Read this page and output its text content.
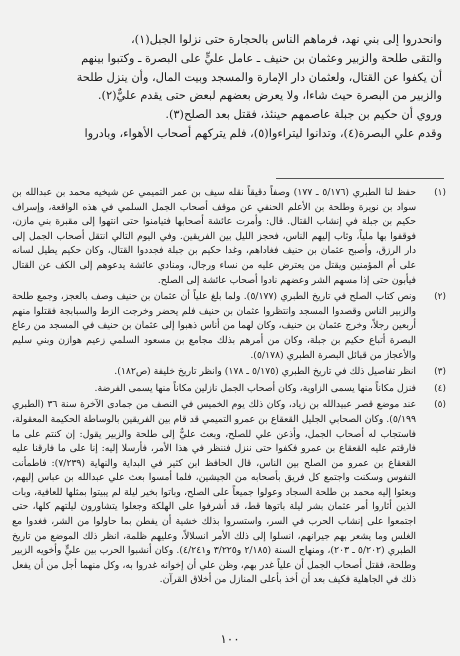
وانحدروا إلى بني نهد، فرماهم الناس بالحجارة حتى نزلوا الجبل(١)،

والتقى طلحة والزبير وعثمان بن حنيف ـ عامل عليٍّ على البصرة ـ وكتبوا بينهم

أن يكفوا عن القتال، ولعثمان دار الإمارة والمسجد وبيت المال، وأن ينزل طلحة

والزبير من البصرة حيث شاءا، ولا يعرض بعضهم لبعض حتى يقدم عليٌّ(٢).

وروي أن حكيم بن جبلة عاصمهم حينئذ، فقتل بعد الصلح(٣).

وقدم علي البصرة(٤)، وتدانوا ليتراءوا(٥)، فلم يتركهم أصحاب الأهواء، وبادروا

(١)
حفظ لنا الطبري (٥/١٧٦ ـ ١٧٧) وصفاً دقيقاً نقله سيف بن عمر التميمي عن شيخيه محمد بن عبدالله بن سواد بن نويرة وطلحة بن الأعلم الحنفي عن موقف أصحاب الجمل السلمي في هذه الواقعة، وإسراف حكيم بن جبلة في إنشاب القتال. قال: وأمرت عائشة أصحابها فتيامنوا حتى انتهوا إلى مقبرة بني مازن، فوقفوا بها ملياً، وثاب إليهم الناس، فحجز الليل بين الفريقين. وفي اليوم التالي انتقل أصحاب الجمل إلى دار الرزق، وأصبح عثمان بن حنيف فغاداهم، وغدا حكيم بن جبلة فجددوا القتال، وكان حكيم يطيل لسانه على أم المؤمنين ويقتل من يعترض عليه من نساء ورجال، ومنادي عائشة يدعوهم إلى الكف عن القتال فيأبون حتى إذا مسهم الشر وعضهم نادوا أصحاب عائشة إلى الصلح.
(٢)
ونص كتاب الصلح في تاريخ الطبري (٥/١٧٧). ولما بلغ علياً أن عثمان بن حنيف وصف بالعجز، وجمع طلحة والزبير الناس وقصدوا المسجد وانتظروا عثمان بن حنيف فلم يحضر وخرجت الزط والسبابجة فقتلوا منهم أربعين رجلاً، وخرج عثمان بن حنيف، وكان لهما من أناس ذهبوا إلى عثمان بن حنيف في المسجد من رعاع البصرة أتباع حكيم بن جبلة، وكان من أمرهم بذلك مجامع بن مسعود السلمي زعيم هوازن وبني سليم والأعجاز من قبائل البصرة الطبري (٥/١٧٨).
(٣)
انظر تفاصيل ذلك في تاريخ الطبري (٥/١٧٥ ـ ١٧٨) وانظر تاريخ خليفة (ص١٨٢).
(٤)
فنزل مكاناً منها يسمى الزاوية، وكان أصحاب الجمل نازلين مكاناً منها يسمى الفرضة.
(٥)
عند موضع قصر عبيدالله بن زياد، وكان ذلك يوم الخميس في النصف من جمادى الآخرة سنة ٣٦ (الطبري ٥/١٩٩). وكان الصحابي الجليل القعقاع بن عمرو التميمي قد قام بين الفريقين بالوساطة الحكيمة المعقولة، فاستجاب له أصحاب الجمل، وأذعن علي للصلح، وبعث عليٌّ إلى طلحة والزبير يقول: إن كنتم على ما فارقتم عليه القعقاع بن عمرو فكفوا حتى ننزل فننظر في هذا الأمر، فأرسلا إليه: إنا على ما فارقنا عليه القعقاع بن عمرو من الصلح بين الناس، قال الحافظ ابن كثير في البداية والنهاية (٧/٢٣٩): فاطمأنت النفوس وسكنت واجتمع كل فريق بأصحابه من الجيشين، فلما أمسوا بعث علي عبدالله بن عباس إليهم، وبعثوا إليه محمد بن طلحة السجاد وعولوا جميعاً على الصلح، وباتوا بخير ليلة لم يبيتوا بمثلها للعافية، وبات الذين أثاروا أمر عثمان بشر ليلة باتوها قط، قد أشرفوا على الهلكة وجعلوا يتشاورون ليلتهم كلها، حتى اجتمعوا على إنشاب الحرب في السر، واستسروا بذلك خشية أن يفطن بما حاولوا من الشر، فغدوا مع الغلس وما يشعر بهم جيرانهم، انسلوا إلى ذلك الأمر انسلالاً، وعليهم ظلمة، انظر ذلك الموضع من تاريخ الطبري (٥/٢٠٢ ـ ٢٠٣)، ومنهاج السنة (٢/١٨٥ و٣/٢٢٥ و٤/٢٤١). وكان أنشبوا الحرب بين عليٍّ وأخويه الزبير وطلحة، فقتل أصحاب الجمل أن علياً غدر بهم، وظن علي أن إخوانه غدروا به، وكل منهما أجل من أن يفعل ذلك في الجاهلية فكيف بعد أن أخذ بأعلى المنازل من أخلاق القرآن.
١٠٠
